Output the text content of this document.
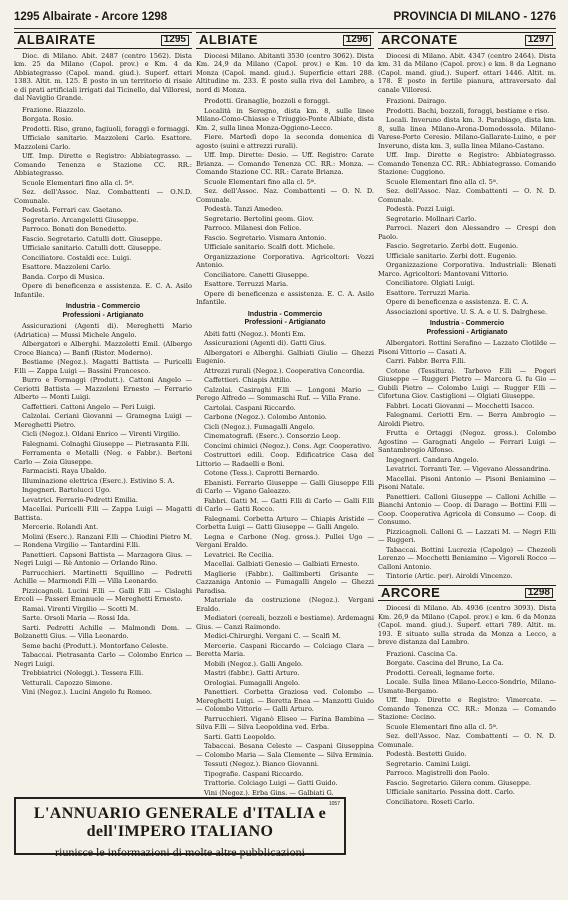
1295 Albairate - Arcore 1298	PROVINCIA DI MILANO - 1276
ALBAIRATE	1295

Dioc. di Milano. Abit. 2487 (centro 1562). Dista km. 25 da Milano (Capol. prov.) e Km. 4 da Abbiategrasso (Capol. mand. giud.). Superf. ettari 1383. Altit. m. 125. È posto in un territorio di risaie e di prati artificiali irrigati dal Ticinello, dal Villoresi, dal Naviglio Grande.

Frazione. Riazzolo.

Borgata. Rosio.

Prodotti. Riso, grano, fagiuoli, foraggi e formaggi.

Ufficiale sanitario. Mazzoleni Carlo. Esattore. Mazzoleni Carlo.

Uff. Imp. Dirette e Registro: Abbiategrasso. — Comando Tenenza e Stazione CC. RR.: Abbiategrasso.

Scuole Elementari fino alla cl. 5ª.

Sez. dell'Assoc. Naz. Combattenti — O.N.D. Comunale.

Podestà. Ferrari cav. Gaetano.

Segretario. Arcangeletti Giuseppe.

Parroco. Bonati don Benedetto.

Fascio. Segretario. Catulli dott. Giuseppe.

Ufficiale sanitario. Catulli dott. Giuseppe.

Conciliatore. Costaldi ecc. Luigi.

Esattore. Mazzoleni Carlo.

Banda. Corpo di Musica.

Opere di beneficenza e assistenza. E. C. A. Asilo Infantile.

Industria - Commercio
Professioni - Artigianato

Assicurazioni (Agenti di). Mereghetti Mario (Adriatica) — Mussi Michele Angelo.

Albergatori e Alberghi. Mazzoletti Emil. (Albergo Croce Bianca) — Banfi (Ristor. Moderno).

Bestiame (Negoz.). Magatti Battista — Puricelli F.lli — Zappa Luigi — Bassini Francesco.

Burro e Formaggi (Produtt.). Cattoni Angelo — Ceriotti Battista — Mazzoleni Ernesto — Ferrario Alberto — Monti Luigi.

Caffettieri. Cattoni Angelo — Peri Luigi.

Calzolai. Ceriani Giovanni — Gramegna Luigi — Mereghetti Pietro.

Cicli (Negoz.). Oldani Enrico — Virenti Virgilio.

Falegnami. Colnaghi Giuseppe — Pietrasanta F.lli.

Ferramenta e Metalli (Neg. e Fabbr.). Bertoni Carlo — Zoia Giuseppe.

Farmacisti. Raya Ubaldo.

Illuminazione elettrica (Eserc.). Estivino S. A.

Ingegneri. Bartolucci Ugo.

Levatrici. Ferrario-Pedretti Emilia.

Macellai. Puricelli F.lli — Zappa Luigi — Magatti Battista.

Mercerie. Rolandi Ant.

Molini (Eserc.). Ranzani F.lli — Chiodini Pietro M. — Rondena Virgilio — Tantardini F.lli.

Panettieri. Capsoni Battista — Marzagora Gius. — Negri Luigi — Rè Antonio — Orlando Rino.

Parrucchieri. Martinetti Squillino — Pedretti Achille — Marmondi F.lli — Villa Leonardo.

Pizzicagnoli. Lucini F.lli — Galli F.lli — Cislaghi Ercoli — Passeri Emanuele — Mereghetti Ernesto.

Ramai. Virenti Virgilio — Scotti M.

Sarte. Orsoli Maria — Rossi Ida.

Sarti. Pedretti Achille — Malmondi Dom. — Bolzanetti Gius. — Villa Leonardo.

Seme bachi (Produtt.). Montorfano Celeste.

Tabaccai. Pietrasanta Carlo — Colombo Enrico — Negri Luigi.

Trebbiatrici (Noleggi.). Tessera F.lli.

Vetturali. Capozzo Simone.

Vini (Negoz.). Lucini Angelo fu Romeo.

ALBIATE	1296

Diocesi Milano. Abitanti 3530 (centro 3062). Dista Km. 24,9 da Milano (Capol. prov.) e Km. 10 da Monza (Capol. mand. giud.). Superficie ettari 288. Altitudine m. 233. È posto sulla riva del Lambro, a nord di Monza.

Prodotti. Granaglie, bozzoli e foraggi.

Località in Seregno, dista km. 8, sulle linee Milano-Como-Chiasso e Triuggio-Ponte Albiate, dista Km. 2, sulla linea Monza-Oggiono-Lecco.

Fiere. Martedì dopo la seconda domenica di agosto (suini e attrezzi rurali).

Uff. Imp. Dirette: Desio. — Uff. Registro: Carate Brianza. — Comando Tenenza CC. RR.: Monza. — Comando Stazione CC. RR.: Carate Brianza.

Scuole Elementari fino alla cl. 5ª.

Sez. dell'Assoc. Naz. Combattenti — O. N. D. Comunale.

Podestà. Tanzi Amedeo.

Segretario. Bertolini geom. Giov.

Parroco. Milanesi don Felice.

Fascio. Segretario. Vismara Antonio.

Ufficiale sanitario. Scalfi dott. Michele.

Organizzazione Corporativa. Agricoltori: Vozzi Antonio.

Conciliatore. Canetti Giuseppe.

Esattore. Terruzzi Maria.

Opere di beneficenza e assistenza. E. C. A. Asilo Infantile.

Industria - Commercio
Professioni - Artigianato

Abiti fatti (Negoz.). Monti Em.

Assicurazioni (Agenti di). Gatti Gius.

Albergatori e Alberghi. Galbiati Giulio — Ghezzi Eugenio.

Attrezzi rurali (Negoz.). Cooperativa Concordia.

Caffettieri. Chiapis Attilio.

Calzolai. Casiraghi F.lli — Longoni Mario — Perego Alfredo — Sommaschi Ruf. — Villa Frane.

Cartolai. Caspani Riccardo.

Carbone (Negoz.). Colombo Antonio.

Cicli (Negoz.). Fumagalli Angelo.

Cinematografi. (Eserc.). Consorzio Leop.

Concimi chimici (Negoz.). Cons. Agr. Cooperativo.

Costruttori edili. Coop. Edificatrice Casa del Littorio — Radaelli e Boni.

Cotone (Tess.). Caprotti Bernardo.

Ebanisti. Ferrario Giuseppe — Galli Giuseppe F.lli di Carlo — Vigano Galeazzo.

Fabbri. Gatti M. — Gatti F.lli di Carlo — Galli F.lli di Carlo — Gatti Rocco.

Falegnami. Corbetta Arturo — Chiapis Aristide — Corbetta Luigi — Gatti Giuseppe — Galli Angelo.

Legna e Carbone (Neg. gross.). Pullei Ugo — Vergani Eraldo.

Levatrici. Re Cecilia.

Macellai. Galbiati Genesio — Galbiati Ernesto.

Maglierie (Fabbr.). Gallimberti Grisante — Cazzaniga Antonio — Fumagalli Angelo — Ghezzi Paradisa.

Materiale da costruzione (Negoz.). Vergani Eraldo.

Mediatori (cereali, bozzoli e bestiame). Ardemagni Gius. — Canzi Raimondo.

Medici-Chirurghi. Vergani C. — Scalfi M.

Mercerie. Caspani Riccardo — Colciago Clara — Beretta Maria.

Mobili (Negoz.). Galli Angelo.

Mastri (fabbr.). Gatti Arturo.

Orologiai. Fumagalli Angelo.

Panettieri. Corbetta Graziosa ved. Colombo — Mereghetti Luigi. — Beretta Enea — Manzotti Guido — Colombo Vittorio — Galli Arturo.

Parrucchieri. Viganò Eliseo — Farina Bambina — Silva F.lli — Silva Leopoldina ved. Erba.

Sarti. Gatti Leopoldo.

Tabaccai. Besana Celeste — Caspani Giuseppina — Colombo Maria — Sala Clemente — Silva Erminia.

Tessuti (Negoz.). Bianco Giovanni.

Tipografie. Caspani Riccardo.

Trattorie. Colciago Luigi — Gatti Guido.

Vini (Negoz.). Erba Gins. — Galbiati G.

ARCONATE	1297

Diocesi di Milano. Abit. 4347 (centro 2464). Dista km. 31 da Milano (Capol. prov.) e km. 8 da Legnano (Capol. mand. giud.). Superf. ettari 1446. Altit. m. 178. È posto in fertile pianura, attraversato dal canale Villoresi.

Frazioni. Dairago.

Prodotti. Bachi, bozzoli, foraggi, bestiame e riso.

Locali. Inveruno dista km. 3. Parabiago, dista km. 8, sulla linea Milano-Arona-Domodossola. Milano-Varese-Porto Ceresio. Milano-Gallarate-Luino, e per Inveruno, dista km. 3, sulla linea Milano-Castano.

Uff. Imp. Dirette e Registro: Abbiategrasso. Comando Tenenza CC. RR.: Abbiategrasso. Comando Stazione: Cuggiono.

Scuole Elementari fino alla cl. 5ª.

Sez. dell'Assoc. Naz. Combattenti — O. N. D. Comunale.

Podestà. Pozzi Luigi.

Segretario. Mollnari Carlo.

Parroci. Nazeri don Alessandro — Crespi don Paolo.

Fascio. Segretario. Zerbi dott. Eugenio.

Ufficiale sanitario. Zerbi dott. Eugenio.

Organizzazione Corporativa. Industriali: Blenati Marco. Agricoltori: Mantovani Vittorio.

Conciliatore. Olgiati Luigi.

Esattore. Terruzzi Maria.

Opere di beneficenza e assistenza. E. C. A.

Associazioni sportive. U. S. A. e U. S. Dalrghese.

Industria - Commercio
Professioni - Artigianato

Albergatori. Rottini Serafino — Lazzato Clotilde — Pisoni Vittorio — Casati A.

Carri. Fabbr. Berra F.lli.

Cotone (Tessitura). Tarbovo F.lli — Pogeri Giuseppe — Ruggeri Pietro — Marcora G. fu Gio — Gubili Pietro — Colombo Luigi — Rugger F.lli — Cifortuna Giov. Castiglioni — Olgiati Giuseppe.

Fabbri. Locati Giovanni — Mocchetti Isacco.

Falegnami. Ceriotti Ern. — Berra Ambrogio — Airoldi Pietro.

Frutta e Ortaggi (Negoz. gross.). Colombo Agostino — Garagnati Angelo — Ferrari Luigi — Santambrogio Alfonso.

Ingegneri. Candara Angelo.

Levatrici. Torranti Ter. — Vigevano Alessandrina.

Macellai. Pisoni Antonio — Pisoni Beniamino — Pisoni Natale.

Panettieri. Calloni Giuseppe — Calloni Achille — Bianchi Antonio — Coop. di Darago — Bottini F.lli — Coop. Cooperativa Agricola di Consumo — Coop. di Consumo.

Pizzicagnoli. Calloni G. — Lazzati M. — Negri F.lli — Ruggeri.

Tabaccai. Bottini Lucrezia (Capolgo) — Chezeoli Lorenzo — Mocchetti Beniamino — Vigoreli Rocco — Calloni Antonio.

Tintorie (Artic. per). Airoldi Vincenzo.

ARCORE	1298

Diocesi di Milano. Ab. 4936 (centro 3093). Dista Km. 26,9 da Milano (Capol. prov.) e km. 6 da Monza (Capol. mand. giud.). Superf. ettari 789. Altit. m. 193. È situato sulla strada da Monza a Lecco, a breve distanza dal Lambro.

Frazioni. Cascina Ca.

Borgate. Cascina del Bruno, La Ca.

Prodotti. Cereali, legname forte.

Locale. Sulla linea Milano-Lecco-Sondrio, Milano-Usmate-Bergamo.

Uff. Imp. Dirette e Registro: Vimercate. — Comando Tenenza CC. RR.: Monza — Comando Stazione: Cecino.

Scuole Elementari fino alla cl. 5ª.

Sez. dell'Assoc. Naz. Combattenti — O. N. D. Comunale.

Podestà. Bestetti Guido.

Segretario. Camini Luigi.

Parroco. Magistrelli don Paolo.

Fascio. Segretario. Gilera comm. Giuseppe.

Ufficiale sanitario. Pessina dott. Carlo.

Conciliatore. Roseti Carlo.

1057
L'ANNUARIO GENERALE d'ITALIA e dell'IMPERO ITALIANO
riunisce le informazioni di molte altre pubblicazioni
